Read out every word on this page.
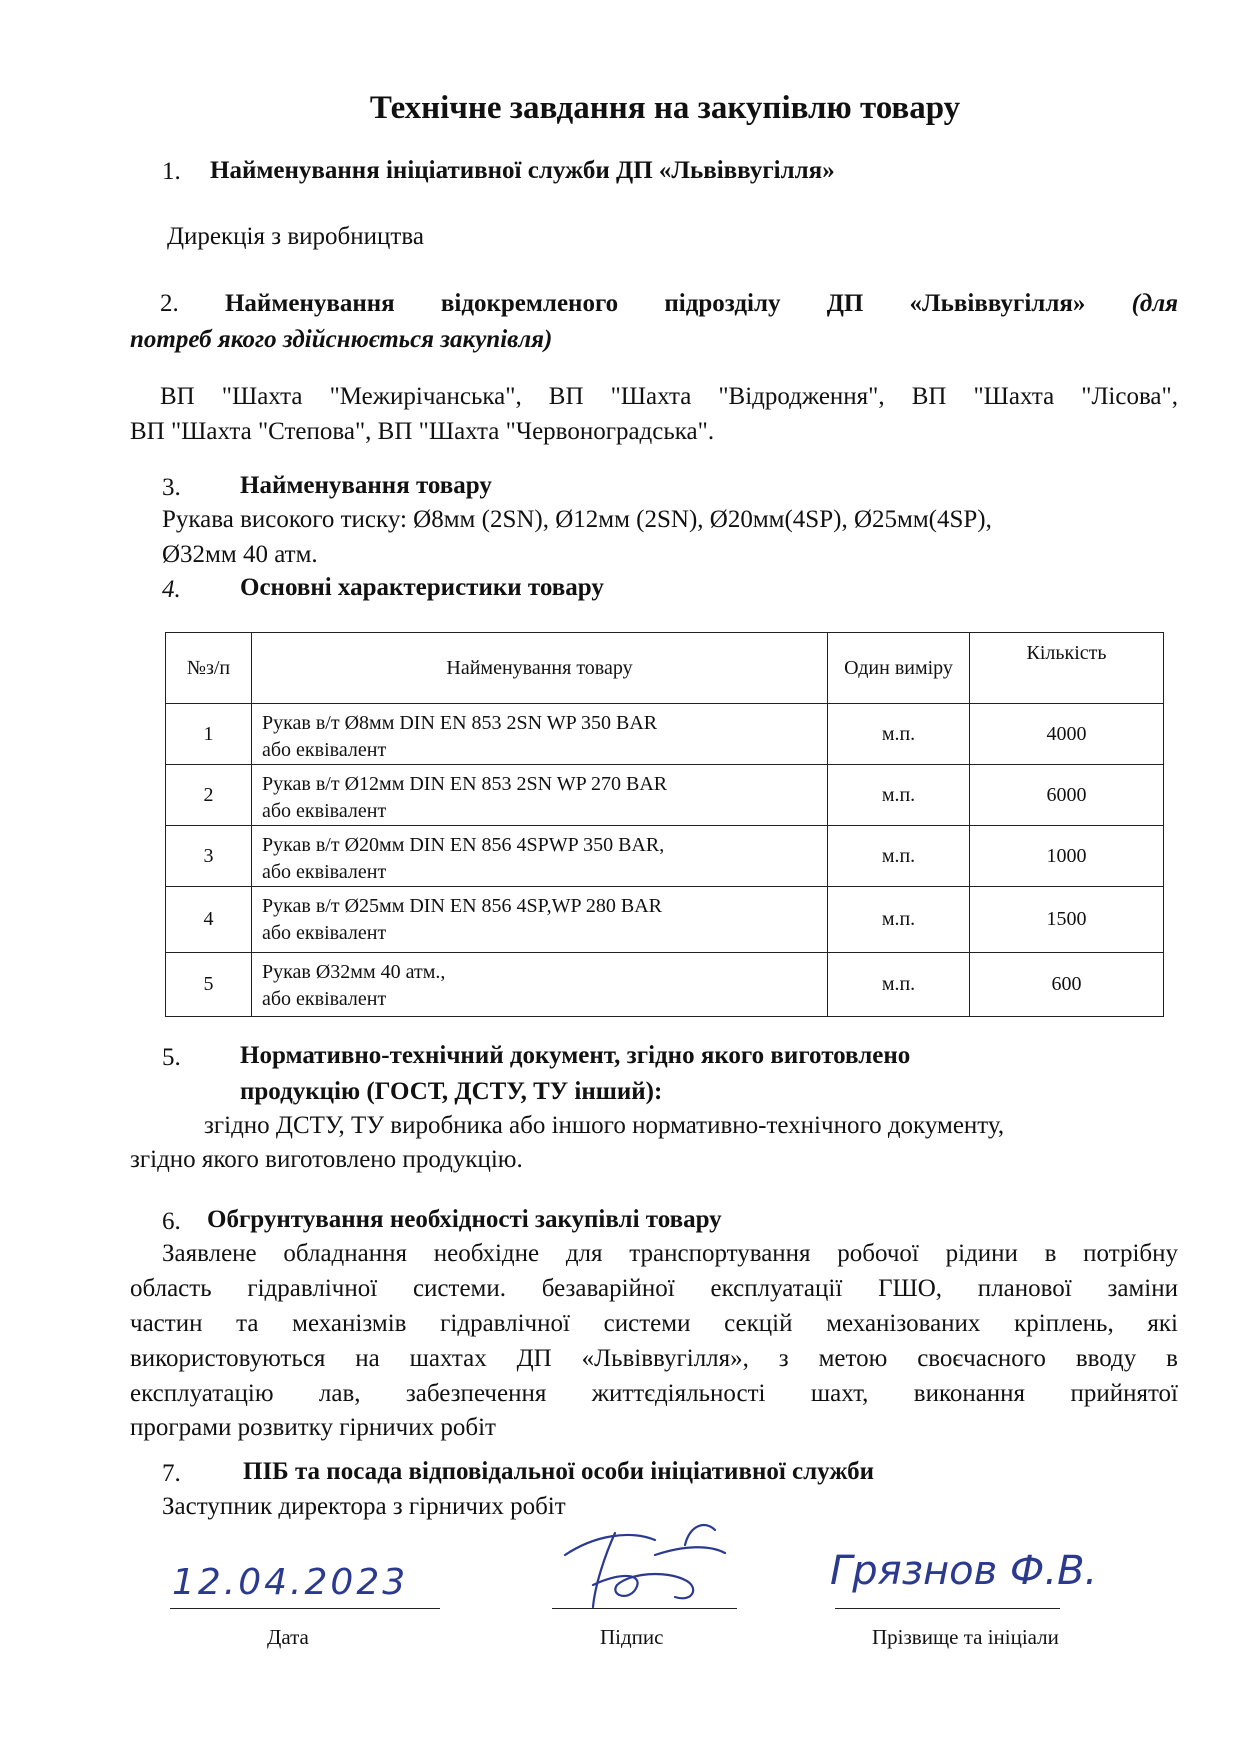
Технічне завдання на закупівлю товару
1. Найменування ініціативної служби ДП «Львіввугілля»
Дирекція з виробництва
2. Найменування відокремленого підрозділу ДП «Львіввугілля» (для
потреб якого здійснюється закупівля)
ВП "Шахта "Межирічанська", ВП "Шахта "Відродження", ВП "Шахта "Лісова",
ВП "Шахта "Степова", ВП "Шахта "Червоноградська".
3. Найменування товару
Рукава високого тиску: Ø8мм (2SN), Ø12мм (2SN), Ø20мм(4SP), Ø25мм(4SP),
Ø32мм 40 атм.
4. Основні характеристики товару
№з/п	Найменування товару	Один виміру	Кількість
1	Рукав в/т Ø8мм DIN EN 853 2SN WP 350 BAR
або еквівалент	м.п.	4000
2	Рукав в/т Ø12мм DIN EN 853 2SN WP 270 BAR
або еквівалент	м.п.	6000
3	Рукав в/т Ø20мм DIN EN 856 4SPWP 350 BAR,
або еквівалент	м.п.	1000
4	Рукав в/т Ø25мм DIN EN 856 4SP,WP 280 BAR
або еквівалент	м.п.	1500
5	Рукав Ø32мм 40 атм.,
або еквівалент	м.п.	600
5. Нормативно-технічний документ, згідно якого виготовлено
продукцію (ГОСТ, ДСТУ, ТУ інший):
згідно ДСТУ, ТУ виробника або іншого нормативно-технічного документу,
згідно якого виготовлено продукцію.
6. Обгрунтування необхідності закупівлі товару
Заявлене обладнання необхідне для транспортування робочої рідини в потрібну
область гідравлічної системи. безаварійної експлуатації ГШО, планової заміни
частин та механізмів гідравлічної системи секцій механізованих кріплень, які
використовуються на шахтах ДП «Львіввугілля», з метою своєчасного вводу в
експлуатацію лав, забезпечення життєдіяльності шахт, виконання прийнятої
програми розвитку гірничих робіт
7. ПІБ та посада відповідальної особи ініціативної служби
Заступник директора з гірничих робіт
12.04.2023	Грязнов Ф.В.
Дата	Підпис	Прізвище та ініціали
